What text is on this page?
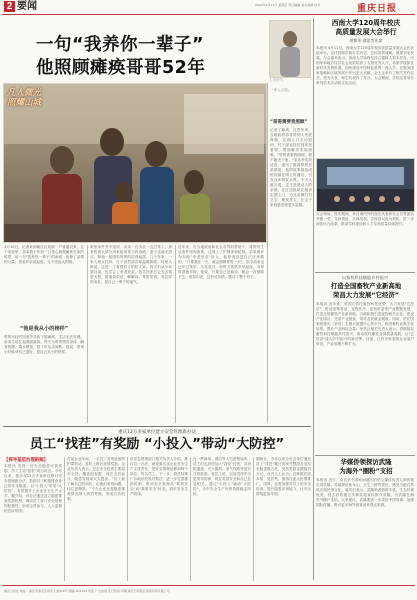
2 要闻	2024年4月12日 星期五 责任编辑 美术编辑 校对	重庆日报
一句“我养你一辈子”
他照顾瘫痪哥哥52年
凡人微光
照耀山城
人物特写
4月10日，记者来到綦江区某镇一户普通农家。这个家庭里，弟弟数十年如一日悉心照顾瘫痪在床的哥哥，用一句"我养你一辈子"的承诺，诠释了亲情的分量。邻里乡亲说起他，无不竖起大拇指。
“他是我从小的榜样”
哥哥年轻时因意外导致下肢瘫痪，生活无法自理。弟弟主动扛起照顾重担，每天为哥哥擦洗身体、翻身按摩、端水喂饭，数十年从未间断。他说，哥哥小时候对自己很好，是自己从小的榜样。
家里条件并不宽裕，弟弟一边务农一边打零工，挣来的钱大部分用来给哥哥买药治病。妻子也毫无怨言，和他一起照料哥哥的饮食起居。几十年来，一家人相互扶持，日子虽然清苦却温暖和睦。村里人都说，这是一个有情有义的好人家。孩子们从小耳濡目染，也学会了孝老爱亲，放学回家总会先去看望大伯，陪他说说话、解解闷。哥哥常说，有这样的弟弟，是自己一辈子的福气。
近年来，在当地政府和社会各界的帮助下，哥哥的生活条件得到改善，还用上了护理床和轮椅。弟弟被评为当地"孝老爱亲"好人，他却说这是自己应该做的，"只要我在一天，就会照顾哥哥一天"。如今弟弟也已年过花甲，头发花白，但每天依然早早起床，为哥哥准备早饭。他说，只要自己还能动，就会一直照顾下去。邻居们说，这份兄弟情，感动了整个村子。
“哥哥需要我照顾”
记者了解到，这些年来，当地政府将哥哥纳入兜底保障，定期上门走访慰问。村干部也经常到家里看望，帮助解决实际困难。"哥哥需要我照顾，我不能丢下他。"弟弟朴实的话语，道出了最真挚的兄弟情谊。他的故事被拍成短视频在网上传播后，引发众多网友点赞。不少人留言说，这才是最动人的亲情。社区还组织志愿者定期上门，为兄弟俩打扫卫生、理发洗衣，让这个家庭感受到更多温暖。
一家人合影。
西南大学120周年校庆
高质量发展大会举行
胡衡华 俞思等出席
本报讯 4月11日，西南大学120周年校庆高质量发展大会在北碚举行。会议回顾学校办学历史，总结发展成就，展望未来发展。与会嘉宾表示，西南大学始终坚持立德树人根本任务，为国家和地方经济社会发展培养了大批优秀人才，希望学校抓住新时代发展机遇，加快建设中国特色世界一流大学，在服务国家战略和区域发展中作出更大贡献。会上还举行了相关签约仪式，校友代表、师生代表作了发言。大会期间，学校还将举办系列学术活动和文化活动。
大会现场。校庆期间，来自海内外的校友代表和社会各界嘉宾齐聚一堂，共叙情谊、共谋发展。学校将以此为契机，进一步深化综合改革，推动学科建设和人才培养质量持续提升。
以畜牧科技赋能乡村振兴
打造全国畜牧产业新高地
荣昌大力发展“它经济”
本报讯 近年来，荣昌区依托畜牧科技优势，大力发展"它经济"，推动宠物食品、宠物医疗、宠物用品等产业集聚发展，打造全国畜牧产业新高地。当地积极引进宠物相关企业，建设产业园区，完善产业链条，带动农民就业增收。同时，依托国家级重庆（荣昌）生猪大数据中心等平台，推进畜牧业数字化转型，提升产业科技含量。荣昌区相关负责人表示，将继续以畜牧科技赋能乡村振兴，推动现代畜牧业高质量发展，让"它经济"成为乡村振兴的新引擎。目前，已有多家宠物企业落户荣昌，产业规模不断扩大。
华媒侨领探访武隆
为海外“圈粉”支招
本报讯 近日，来自多个国家和地区的华文媒体负责人和侨领走进武隆，实地探访仙女山、天生三桥等景区，感受当地自然风光和民俗文化。嘉宾们表示，武隆旅游资源丰富，生态环境优美，回去后将通过多种渠道宣传推介武隆，为武隆在海外"圈粉"支招。大家建议，武隆要进一步讲好中国故事，加强国际传播，吸引更多海外游客前来观光旅游。
重庆12万多家单位建立安全管理新办法
员工“找茬”有奖励 “小投入”带动“大防控”
【探寻基层治理新路】
本报讯 发现一处安全隐患可获奖励，员工主动"找茬"成为常态。今年以来，我市在12万多家单位推行安全管理新办法，鼓励员工积极排查身边的安全隐患，以"小投入"带动"大防控"，有效提升了企业安全生产水平。据介绍，该办法通过设立隐患排查奖励机制，调动员工参与安全管理的积极性，形成全员参与、人人监督的良好氛围。
在某企业车间，一名员工发现设备防护罩松动，及时上报后获得奖励。企业负责人表示，过去安全检查主要靠安全员，覆盖面有限，现在全员参与，隐患发现率大大提高。"员工最了解自己的岗位，由他们来找问题，往往更精准。"不少企业还将隐患排查情况纳入绩效考核，形成长效机制。
市应急管理部门相关负责人介绍，推行这一办法，就是要压实企业安全生产主体责任，把安全管理延伸到每个岗位、每名员工。下一步，将总结推广各地好经验好做法，进一步完善激励机制，推动安全管理从"要我安全"向"我要安全"转变，筑牢安全生产防线。
在一些商场、酒店等人员密集场所，员工们也纷纷加入"找茬"行列，对消防通道、灭火器材、电气线路等进行日常检查。有员工说，以前觉得安全是领导的事，现在觉得安全和自己息息相关。通过"小投入"撬动"大防控"，全市安全生产形势持续稳定向好。
据统计，今年以来全市各单位通过员工"找茬"累计发现并整改各类安全隐患数万处，发放奖励金额数百万元。业内人士认为，这种做法成本低、见效快，值得在更大范围推广。同时，还需加强对员工的安全培训，提升隐患识别能力，让安全防线更加牢固。
重庆日报社 地址：重庆市渝北区同茂大道416号 邮编 401120 电话 广告热线 发行热线 印刷 重庆日报报业集团印务有限公司
